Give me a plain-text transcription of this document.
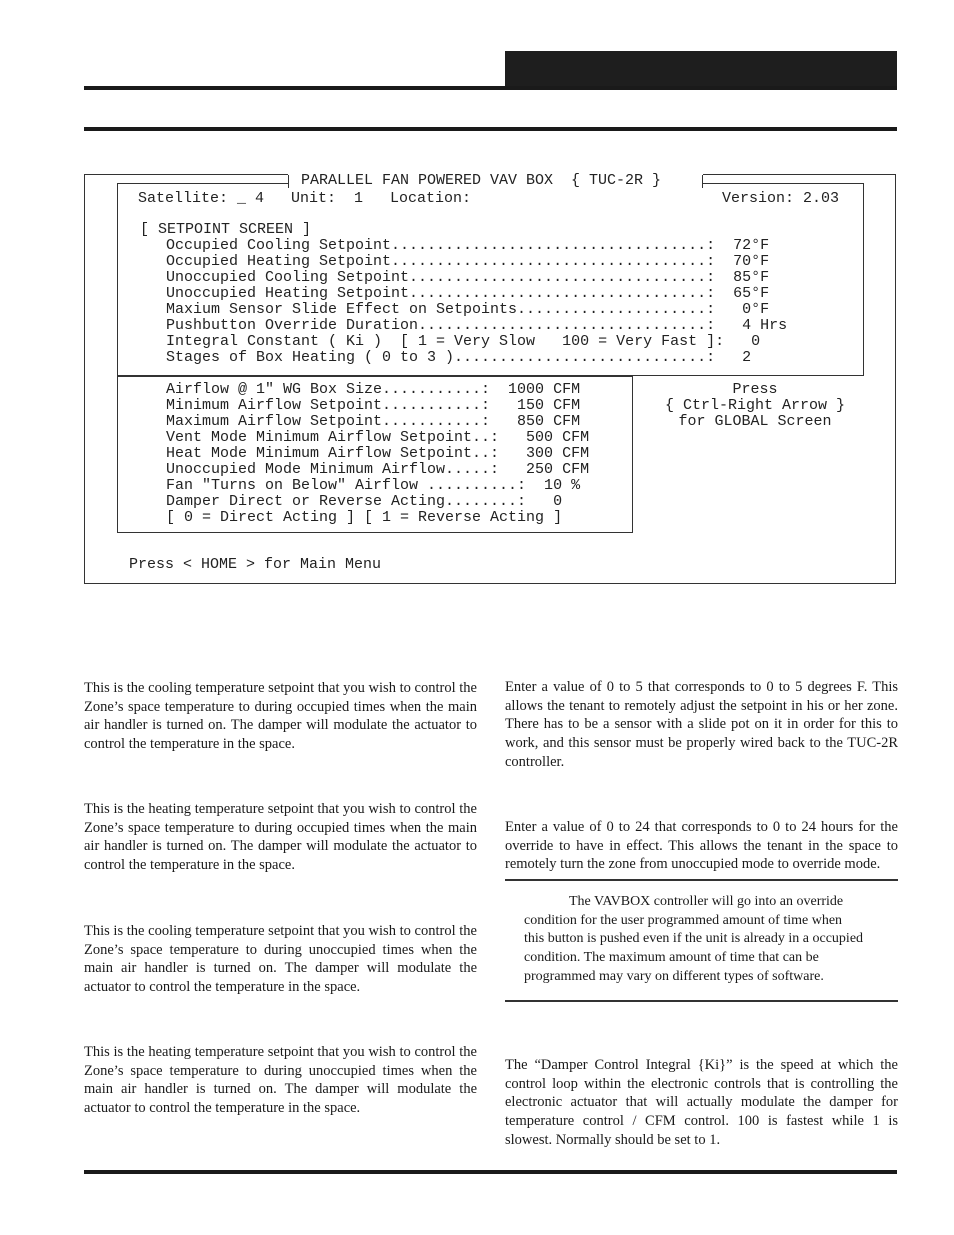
PARALLEL FAN POWERED VAV BOX  { TUC-2R }
Satellite: _ 4   Unit:  1   Location:	Version: 2.03
[ SETPOINT SCREEN ]
Occupied Cooling Setpoint...................................:  72°F
Occupied Heating Setpoint...................................:  70°F
Unoccupied Cooling Setpoint.................................:  85°F
Unoccupied Heating Setpoint.................................:  65°F
Maxium Sensor Slide Effect on Setpoints.....................:   0°F
Pushbutton Override Duration................................:   4 Hrs
Integral Constant ( Ki )  [ 1 = Very Slow   100 = Very Fast ]:   0
Stages of Box Heating ( 0 to 3 )............................:   2
Airflow @ 1" WG Box Size...........:  1000 CFM
Minimum Airflow Setpoint...........:   150 CFM
Maximum Airflow Setpoint...........:   850 CFM
Vent Mode Minimum Airflow Setpoint..:   500 CFM
Heat Mode Minimum Airflow Setpoint..:   300 CFM
Unoccupied Mode Minimum Airflow.....:   250 CFM
Fan "Turns on Below" Airflow ..........:  10 %
Damper Direct or Reverse Acting........:   0
[ 0 = Direct Acting ] [ 1 = Reverse Acting ]
Press
{ Ctrl-Right Arrow }
for GLOBAL Screen
Press < HOME > for Main Menu
This is the cooling temperature setpoint that you wish to control the Zone’s space temperature to during occupied times when the main air handler is turned on. The damper will modulate the actuator to control the temperature in the space.
This is the heating temperature setpoint that you wish to control the Zone’s space temperature to during occupied times when the main air handler is turned on. The damper will modulate the actuator to control the temperature in the space.
This is the cooling temperature setpoint that you wish to control the Zone’s space temperature to during unoccupied times when the main air handler is turned on. The damper will modulate the actuator to control the temperature in the space.
This is the heating temperature setpoint that you wish to control the Zone’s space temperature to during unoccupied times when the main air handler is turned on. The damper will modulate the actuator to control the temperature in the space.
Enter a value of 0 to 5 that corresponds to 0 to 5 degrees F. This allows the tenant to remotely adjust the setpoint in his or her zone. There has to be a sensor with a slide pot on it in order for this to work, and this sensor must be properly wired back to the TUC-2R controller.
Enter a value of 0 to 24 that corresponds to 0 to 24 hours for the override to have in effect. This allows the tenant in the space to remotely turn the zone from unoccupied mode to override mode.
The VAVBOX controller will go into an override condition for the user programmed amount of time when this button is pushed even if the unit is already in a occupied condition. The maximum amount of time that can be programmed may vary on different types of software.
The “Damper Control Integral {Ki}” is the speed at which the control loop within the electronic controls that is controlling the electronic actuator that will actually modulate the damper for temperature control / CFM control. 100 is fastest while 1 is slowest. Normally should be set to 1.
